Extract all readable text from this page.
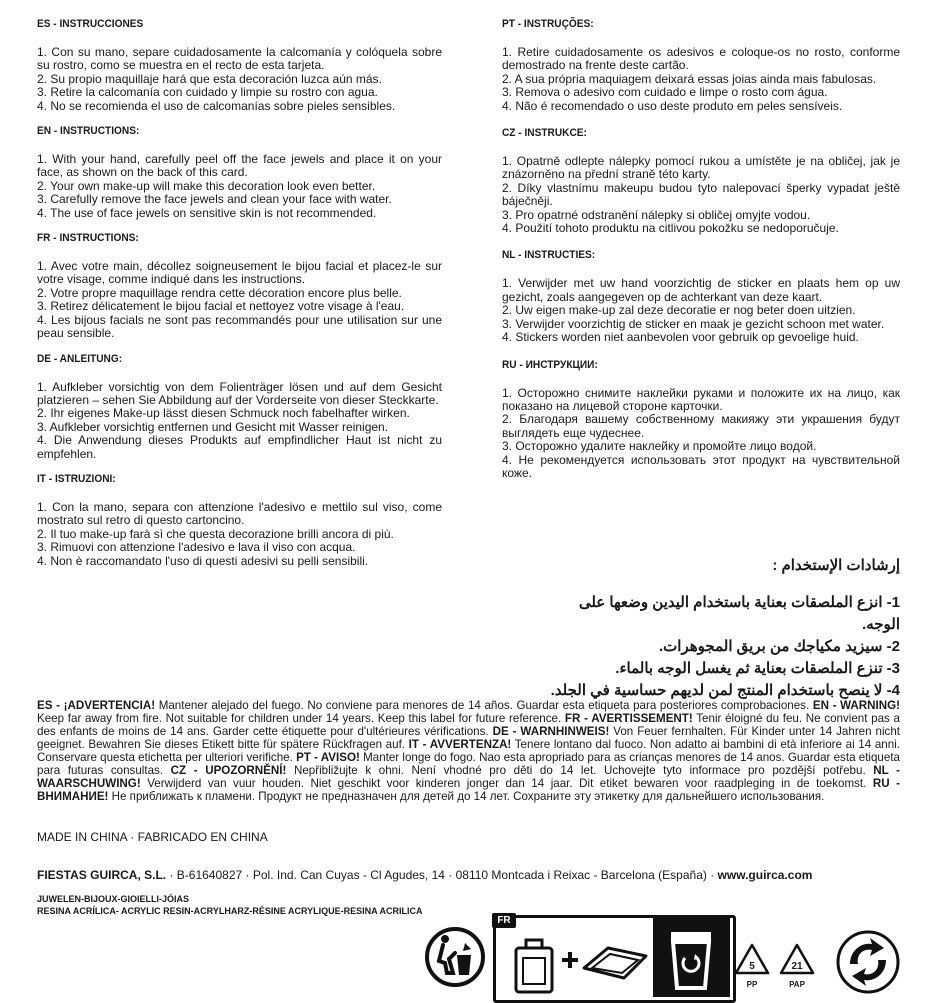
ES - INSTRUCCIONES

1. Con su mano, separe cuidadosamente la calcomanía y colóquela sobre su rostro, como se muestra en el recto de esta tarjeta.

2. Su propio maquillaje hará que esta decoración luzca aún más.

3. Retire la calcomanía con cuidado y limpie su rostro con agua.

4. No se recomienda el uso de calcomanías sobre pieles sensibles.

EN - INSTRUCTIONS:

1. With your hand, carefully peel off the face jewels and place it on your face, as shown on the back of this card.

2. Your own make-up will make this decoration look even better.

3. Carefully remove the face jewels and clean your face with water.

4. The use of face jewels on sensitive skin is not recommended.

FR - INSTRUCTIONS:

1. Avec votre main, décollez soigneusement le bijou facial et placez-le sur votre visage, comme indiqué dans les instructions.

2. Votre propre maquillage rendra cette décoration encore plus belle.

3. Retirez délicatement le bijou facial et nettoyez votre visage à l'eau.

4. Les bijous facials ne sont pas recommandés pour une utilisation sur une peau sensible.

DE - ANLEITUNG:

1. Aufkleber vorsichtig von dem Folienträger lösen und auf dem Gesicht platzieren – sehen Sie Abbildung auf der Vorderseite von dieser Steckkarte.

2. Ihr eigenes Make-up lässt diesen Schmuck noch fabelhafter wirken.

3. Aufkleber vorsichtig entfernen und Gesicht mit Wasser reinigen.

4. Die Anwendung dieses Produkts auf empfindlicher Haut ist nicht zu empfehlen.

IT - ISTRUZIONI:

1. Con la mano, separa con attenzione l'adesivo e mettilo sul viso, come mostrato sul retro di questo cartoncino.

2. Il tuo make-up farà sì che questa decorazione brilli ancora di più.

3. Rimuovi con attenzione l'adesivo e lava il viso con acqua.

4. Non è raccomandato l'uso di questi adesivi su pelli sensibili.

PT - INSTRUÇÕES:

1. Retire cuidadosamente os adesivos e coloque-os no rosto, conforme demostrado na frente deste cartão.

2. A sua própria maquiagem deixará essas joias ainda mais fabulosas.

3. Remova o adesivo com cuidado e limpe o rosto com água.

4. Não é recomendado o uso deste produto em peles sensíveis.

CZ - INSTRUKCE:

1. Opatrně odlepte nálepky pomocí rukou a umístěte je na obličej, jak je znázorněno na přední straně této karty.

2. Díky vlastnímu makeupu budou tyto nalepovací šperky vypadat ještě báječněji.

3. Pro opatrné odstranění nálepky si obličej omyjte vodou.

4. Použití tohoto produktu na citlivou pokožku se nedoporučuje.

NL - INSTRUCTIES:

1. Verwijder met uw hand voorzichtig de sticker en plaats hem op uw gezicht, zoals aangegeven op de achterkant van deze kaart.

2. Uw eigen make-up zal deze decoratie er nog beter doen uitzien.

3. Verwijder voorzichtig de sticker en maak je gezicht schoon met water.

4. Stickers worden niet aanbevolen voor gebruik op gevoelige huid.

RU - ИНСТРУКЦИИ:

1. Осторожно снимите наклейки руками и положите их на лицо, как показано на лицевой стороне карточки.

2. Благодаря вашему собственному макияжу эти украшения будут выглядеть еще чудеснее.

3. Осторожно удалите наклейку и промойте лицо водой.

4. Не рекомендуется использовать этот продукт на чувствительной коже.

إرشادات الإستخدام :

1- انزع الملصقات بعناية باستخدام اليدين وضعها على الوجه.

2- سيزيد مكياجك من بريق المجوهرات.

3- تنزع الملصقات بعناية ثم يغسل الوجه بالماء.

4- لا ينصح باستخدام المنتج لمن لديهم حساسية في الجلد.

ES - ¡ADVERTENCIA! Mantener alejado del fuego. No conviene para menores de 14 años. Guardar esta etiqueta para posteriores comprobaciones. EN - WARNING! Keep far away from fire. Not suitable for children under 14 years. Keep this label for future reference. FR - AVERTISSEMENT! Tenir éloigné du feu. Ne convient pas a des enfants de moins de 14 ans. Garder cette étiquette pour d'ultérieures vérifications. DE - WARNHINWEIS! Von Feuer fernhalten. Für Kinder unter 14 Jahren nicht geeignet. Bewahren Sie dieses Etikett bitte für spätere Rückfragen auf. IT - AVVERTENZA! Tenere lontano dal fuoco. Non adatto ai bambini di età inferiore ai 14 anni. Conservare questa etichetta per ulteriori verifiche. PT - AVISO! Manter longe do fogo. Nao esta apropriado para as crianças menores de 14 anos. Guardar esta etiqueta para futuras consultas. CZ - UPOZORNĚNÍ! Nepřibližujte k ohni. Není vhodné pro děti do 14 let. Uchovejte tyto informace pro pozdější potřebu. NL - WAARSCHUWING! Verwijderd van vuur houden. Niet geschikt voor kinderen jonger dan 14 jaar. Dit etiket bewaren voor raadpleging in de toekomst. RU - ВНИМАНИЕ! Не приближать к пламени. Продукт не предназначен для детей до 14 лет. Сохраните эту этикетку для дальнейшего использования.
MADE IN CHINA · FABRICADO EN CHINA
FIESTAS GUIRCA, S.L. · B-61640827 · Pol. Ind. Can Cuyas - Cl Agudes, 14 · 08110 Montcada i Reixac - Barcelona (España) · www.guirca.com
JUWELEN-BIJOUX-GIOIELLI-JÓIAS
RESINA ACRÍLICA- ACRYLIC RESIN-ACRYLHARZ-RÉSINE ACRYLIQUE-RESINA ACRILICA
FR
5
PP
21
PAP
